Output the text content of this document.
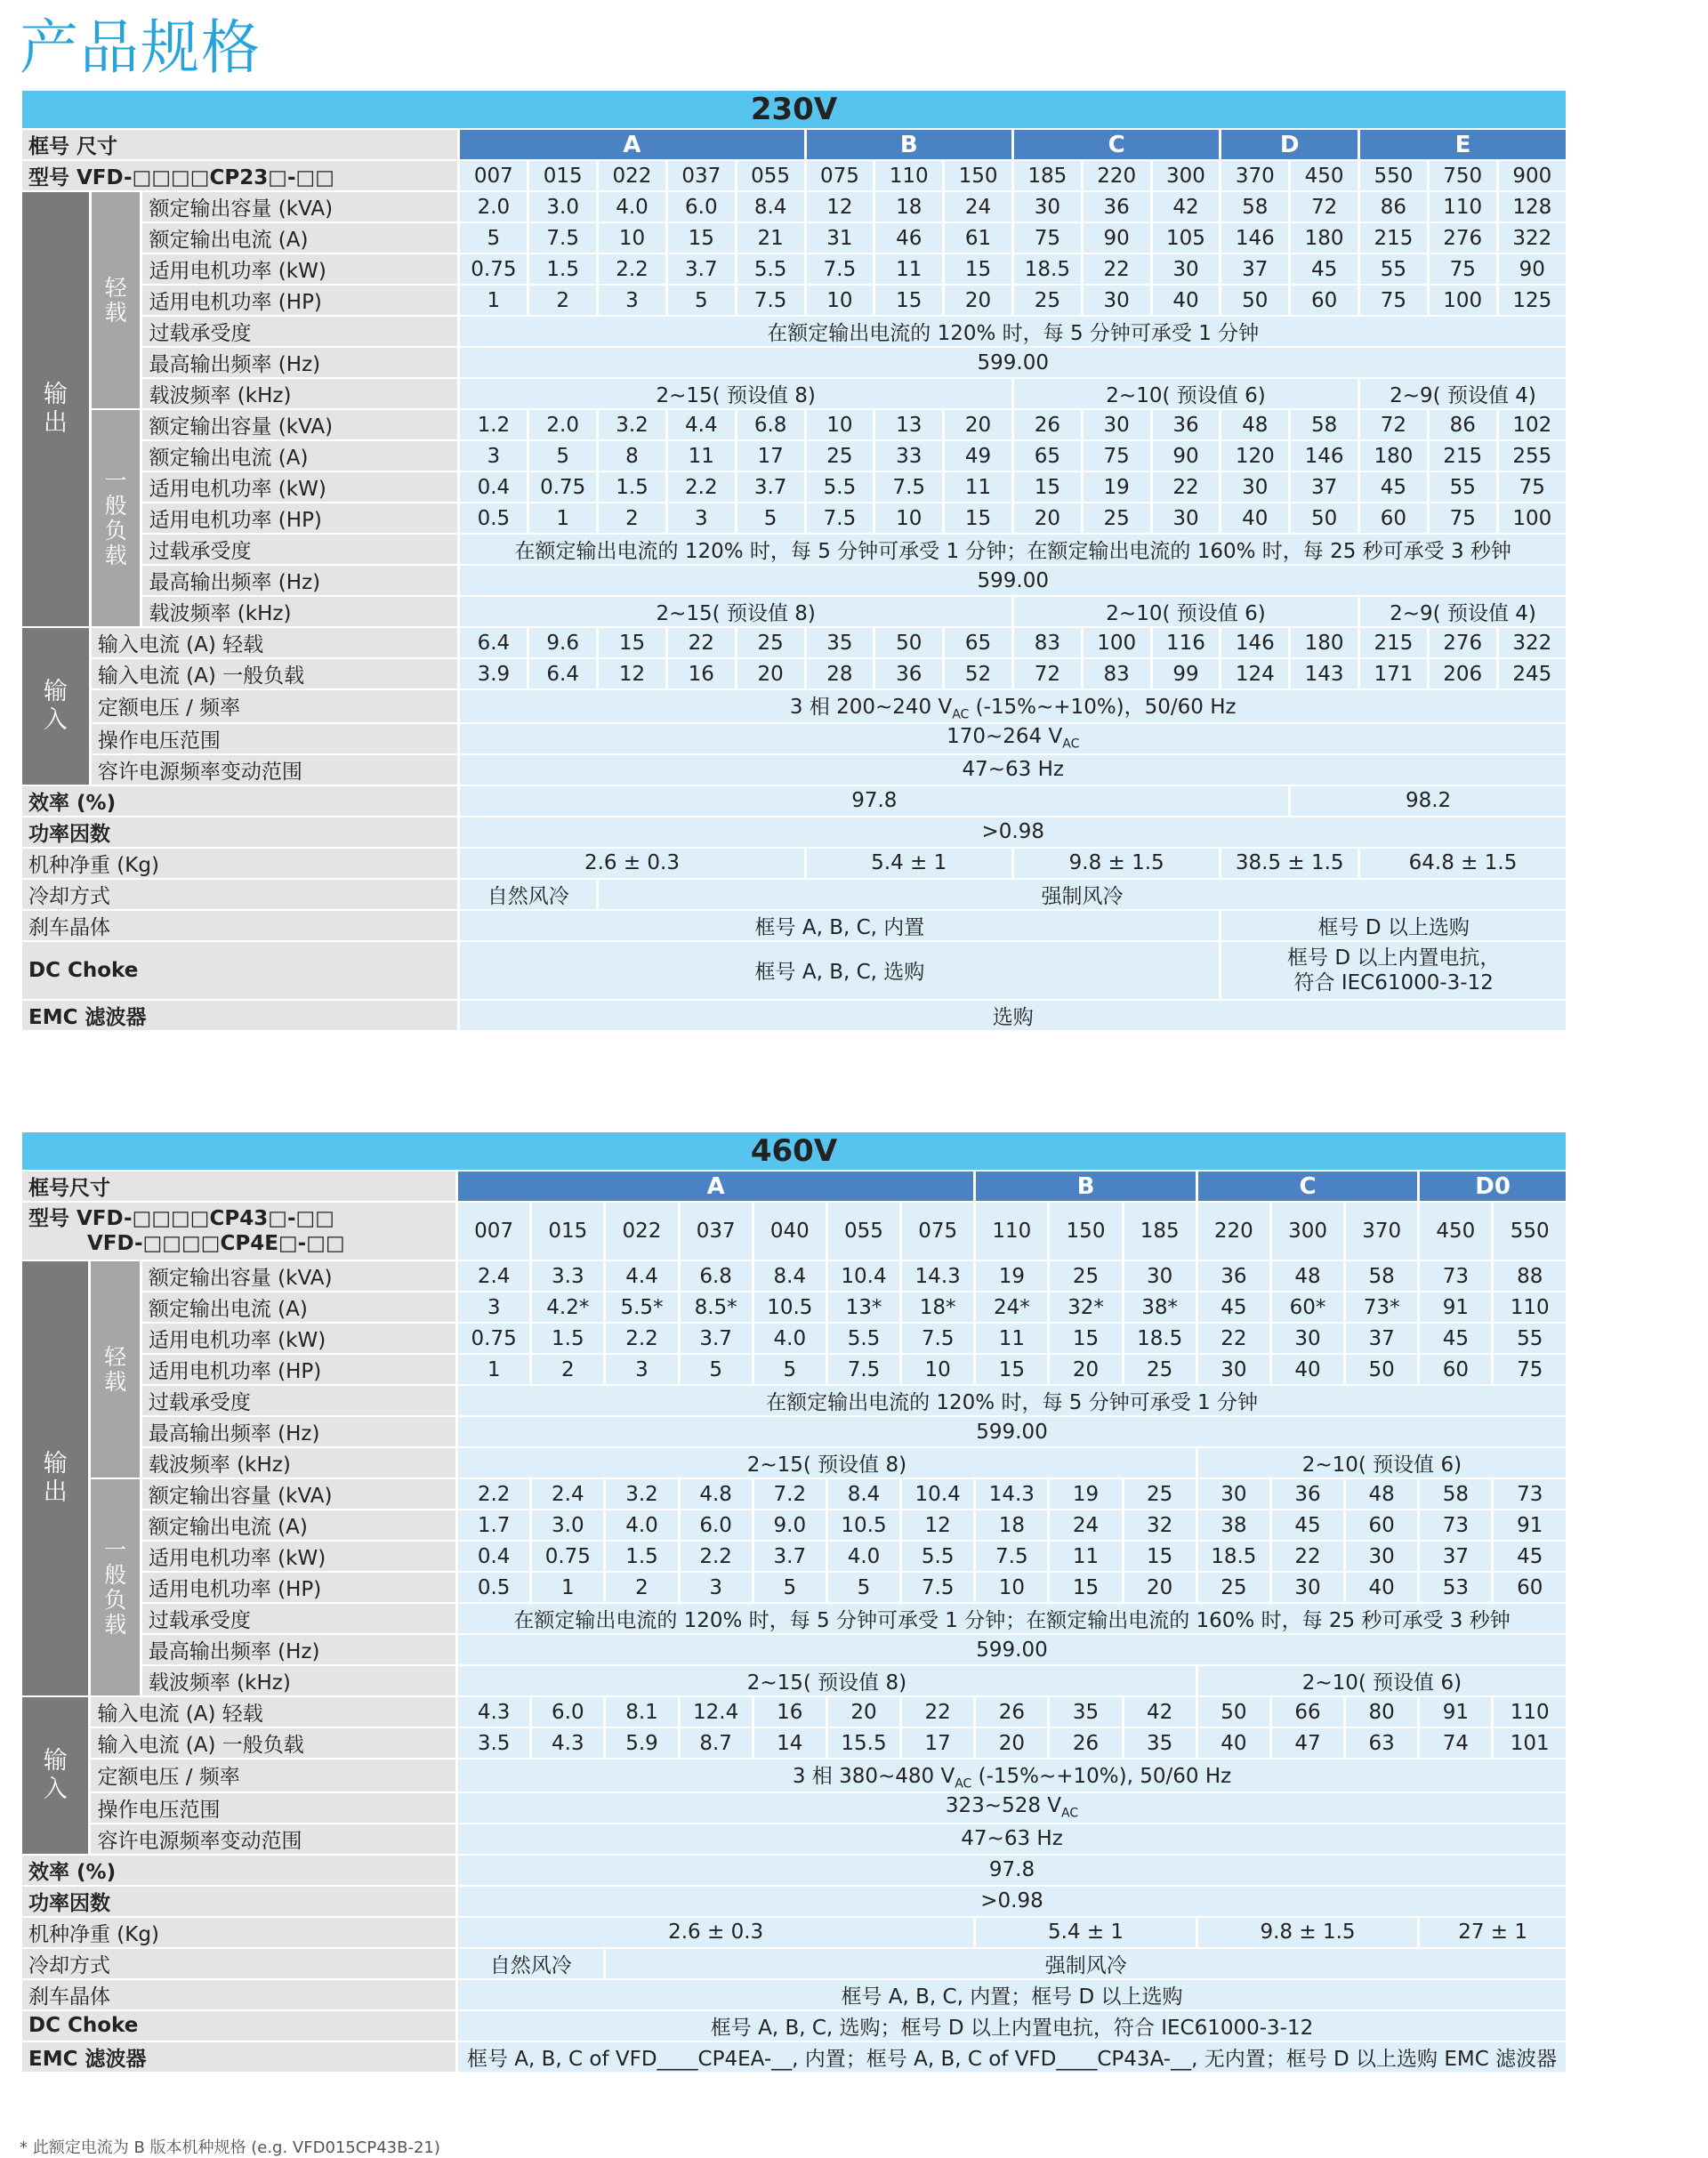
产品规格
230V																		
框号 尺寸			A					B			C			D		E		
型号 VFD-□□□□CP23□-□□			007	015	022	037	055	075	110	150	185	220	300	370	450	550	750	900

输
出	轻
载	额定输出容量 (kVA)	2.0	3.0	4.0	6.0	8.4	12	18	24	30	36	42	58	72	86	110	128
		额定输出电流 (A)	5	7.5	10	15	21	31	46	61	75	90	105	146	180	215	276	322
		适用电机功率 (kW)	0.75	1.5	2.2	3.7	5.5	7.5	11	15	18.5	22	30	37	45	55	75	90
		适用电机功率 (HP)	1	2	3	5	7.5	10	15	20	25	30	40	50	60	75	100	125
		过载承受度	在额定输出电流的 120% 时，每 5 分钟可承受 1 分钟															
		最高输出频率 (Hz)	599.00															
		载波频率 (kHz)	2~15( 预设值 8)								2~10( 预设值 6)					2~9( 预设值 4)		

	一
般
负
载	额定输出容量 (kVA)	1.2	2.0	3.2	4.4	6.8	10	13	20	26	30	36	48	58	72	86	102
		额定输出电流 (A)	3	5	8	11	17	25	33	49	65	75	90	120	146	180	215	255
		适用电机功率 (kW)	0.4	0.75	1.5	2.2	3.7	5.5	7.5	11	15	19	22	30	37	45	55	75
		适用电机功率 (HP)	0.5	1	2	3	5	7.5	10	15	20	25	30	40	50	60	75	100
		过载承受度	在额定输出电流的 120% 时，每 5 分钟可承受 1 分钟；在额定输出电流的 160% 时，每 25 秒可承受 3 秒钟															
		最高输出频率 (Hz)	599.00															
		载波频率 (kHz)	2~15( 预设值 8)								2~10( 预设值 6)					2~9( 预设值 4)		

输
入	输入电流 (A) 轻载		6.4	9.6	15	22	25	35	50	65	83	100	116	146	180	215	276	322
	输入电流 (A) 一般负载		3.9	6.4	12	16	20	28	36	52	72	83	99	124	143	171	206	245
	定额电压 / 频率		3 相 200~240 $V_{AC}$ (-15%~+10%)，50/60 Hz															
	操作电压范围		170~264 $V_{AC}$
	容许电源频率变动范围		47~63 Hz															
效率 (%)			97.8												98.2			
功率因数			>0.98															
机种净重 (Kg)			2.6 ± 0.3					5.4 ± 1			9.8 ± 1.5			38.5 ± 1.5		64.8 ± 1.5		
冷却方式			自然风冷		强制风冷													
刹车晶体			框号 A, B, C, 内置											框号 D 以上选购				
DC Choke			框号 A, B, C, 选购											框号 D 以上内置电抗，
符合 IEC61000-3-12				
EMC 滤波器			选购															
460V																	
框号尺寸			A							B			C			D0	
型号 VFD-□□□□CP43□-□□
VFD-□□□□CP4E□-□□			007	015	022	037	040	055	075	110	150	185	220	300	370	450	550

输
出	轻
载	额定输出容量 (kVA)	2.4	3.3	4.4	6.8	8.4	10.4	14.3	19	25	30	36	48	58	73	88
		额定输出电流 (A)	3	4.2*	5.5*	8.5*	10.5	13*	18*	24*	32*	38*	45	60*	73*	91	110
		适用电机功率 (kW)	0.75	1.5	2.2	3.7	4.0	5.5	7.5	11	15	18.5	22	30	37	45	55
		适用电机功率 (HP)	1	2	3	5	5	7.5	10	15	20	25	30	40	50	60	75
		过载承受度	在额定输出电流的 120% 时，每 5 分钟可承受 1 分钟														
		最高输出频率 (Hz)	599.00														
		载波频率 (kHz)	2~15( 预设值 8)										2~10( 预设值 6)				

	一
般
负
载	额定输出容量 (kVA)	2.2	2.4	3.2	4.8	7.2	8.4	10.4	14.3	19	25	30	36	48	58	73
		额定输出电流 (A)	1.7	3.0	4.0	6.0	9.0	10.5	12	18	24	32	38	45	60	73	91
		适用电机功率 (kW)	0.4	0.75	1.5	2.2	3.7	4.0	5.5	7.5	11	15	18.5	22	30	37	45
		适用电机功率 (HP)	0.5	1	2	3	5	5	7.5	10	15	20	25	30	40	53	60
		过载承受度	在额定输出电流的 120% 时，每 5 分钟可承受 1 分钟；在额定输出电流的 160% 时，每 25 秒可承受 3 秒钟														
		最高输出频率 (Hz)	599.00														
		载波频率 (kHz)	2~15( 预设值 8)										2~10( 预设值 6)				

输
入	输入电流 (A) 轻载		4.3	6.0	8.1	12.4	16	20	22	26	35	42	50	66	80	91	110
	输入电流 (A) 一般负载		3.5	4.3	5.9	8.7	14	15.5	17	20	26	35	40	47	63	74	101
	定额电压 / 频率		3 相 380~480 $V_{AC}$ (-15%~+10%), 50/60 Hz														
	操作电压范围		323~528 $V_{AC}$
	容许电源频率变动范围		47~63 Hz														
效率 (%)			97.8														
功率因数			>0.98														
机种净重 (Kg)			2.6 ± 0.3							5.4 ± 1			9.8 ± 1.5			27 ± 1	
冷却方式			自然风冷		强制风冷												
刹车晶体			框号 A, B, C, 内置；框号 D 以上选购														
DC Choke			框号 A, B, C, 选购；框号 D 以上内置电抗，符合 IEC61000-3-12														
EMC 滤波器			框号 A, B, C of VFD____CP4EA-__, 内置；框号 A, B, C of VFD____CP43A-__, 无内置；框号 D 以上选购 EMC 滤波器														
* 此额定电流为 B 版本机种规格 (e.g. VFD015CP43B-21)
